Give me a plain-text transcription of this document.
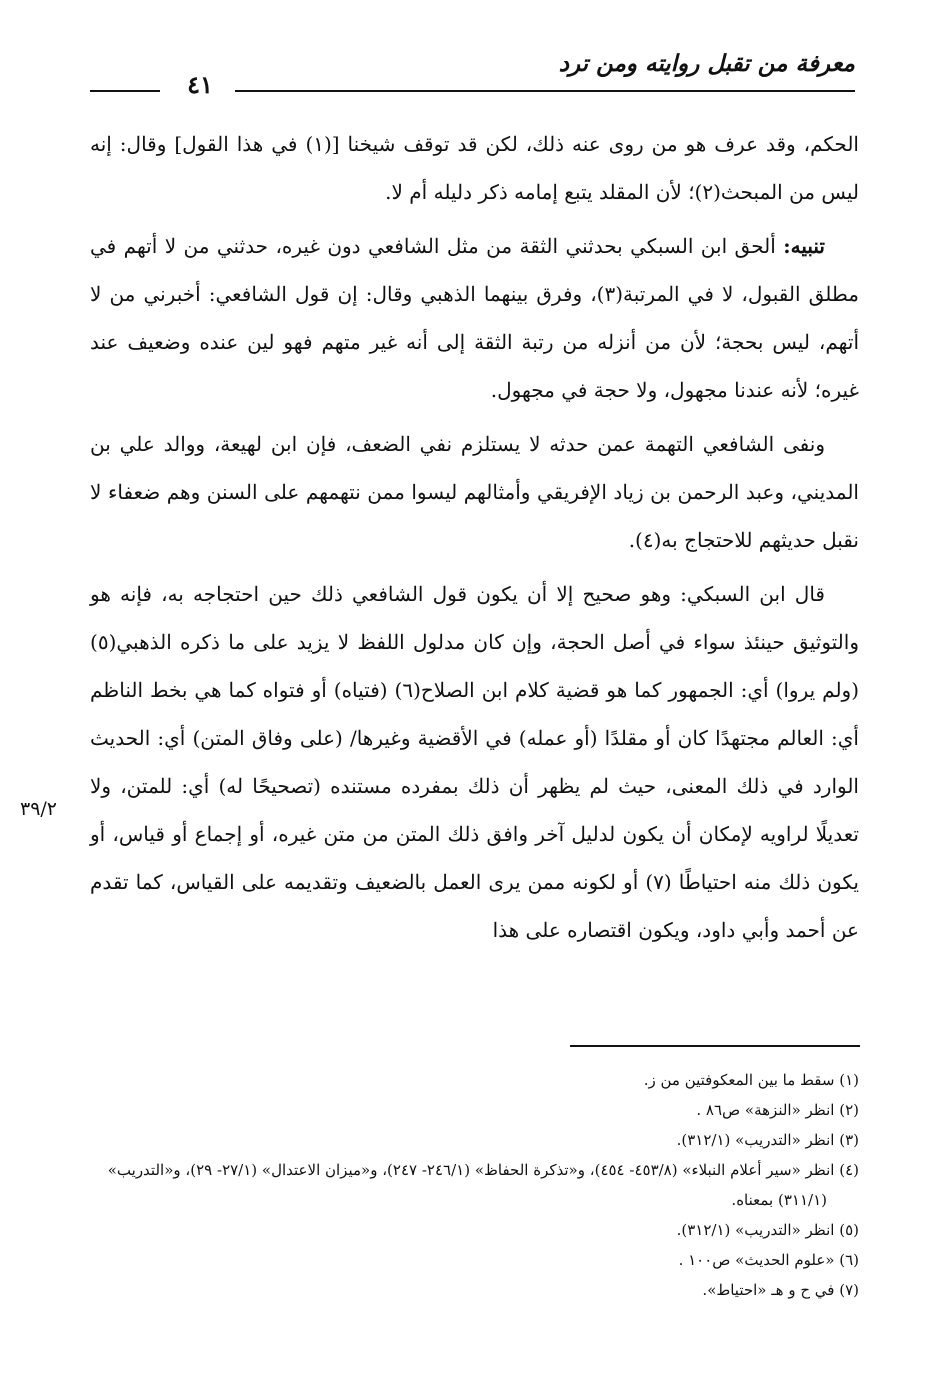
معرفة من تقبل روايته ومن ترد
٤١

الحكم، وقد عرف هو من روى عنه ذلك، لكن قد توقف شيخنا [(١) في هذا القول] وقال: إنه ليس من المبحث(٢)؛ لأن المقلد يتبع إمامه ذكر دليله أم لا.

تنبيه: ألحق ابن السبكي بحدثني الثقة من مثل الشافعي دون غيره، حدثني من لا أتهم في مطلق القبول، لا في المرتبة(٣)، وفرق بينهما الذهبي وقال: إن قول الشافعي: أخبرني من لا أتهم، ليس بحجة؛ لأن من أنزله من رتبة الثقة إلى أنه غير متهم فهو لين عنده وضعيف عند غيره؛ لأنه عندنا مجهول، ولا حجة في مجهول.

ونفى الشافعي التهمة عمن حدثه لا يستلزم نفي الضعف، فإن ابن لهيعة، ووالد علي بن المديني، وعبد الرحمن بن زياد الإفريقي وأمثالهم ليسوا ممن نتهمهم على السنن وهم ضعفاء لا نقبل حديثهم للاحتجاج به(٤).

قال ابن السبكي: وهو صحيح إلا أن يكون قول الشافعي ذلك حين احتجاجه به، فإنه هو والتوثيق حينئذ سواء في أصل الحجة، وإن كان مدلول اللفظ لا يزيد على ما ذكره الذهبي(٥) (ولم يروا) أي: الجمهور كما هو قضية كلام ابن الصلاح(٦) (فتياه) أو فتواه كما هي بخط الناظم أي: العالم مجتهدًا كان أو مقلدًا (أو عمله) في الأقضية وغيرها/ (على وفاق المتن) أي: الحديث الوارد في ذلك المعنى، حيث لم يظهر أن ذلك بمفرده مستنده (تصحيحًا له) أي: للمتن، ولا تعديلًا لراويه لإمكان أن يكون لدليل آخر وافق ذلك المتن من متن غيره، أو إجماع أو قياس، أو يكون ذلك منه احتياطًا (٧) أو لكونه ممن يرى العمل بالضعيف وتقديمه على القياس، كما تقدم عن أحمد وأبي داود، ويكون اقتصاره على هذا

٣٩/٢

(١) سقط ما بين المعكوفتين من ز.

(٢) انظر «النزهة» ص٨٦ .

(٣) انظر «التدريب» (٣١٢/١).

(٤) انظر «سير أعلام النبلاء» (٤٥٣/٨- ٤٥٤)، و«تذكرة الحفاظ» (٢٤٦/١- ٢٤٧)، و«ميزان الاعتدال» (٢٧/١- ٢٩)، و«التدريب» (٣١١/١) بمعناه.

(٥) انظر «التدريب» (٣١٢/١).

(٦) «علوم الحديث» ص١٠٠ .

(٧) في ح و هـ «احتياط».
